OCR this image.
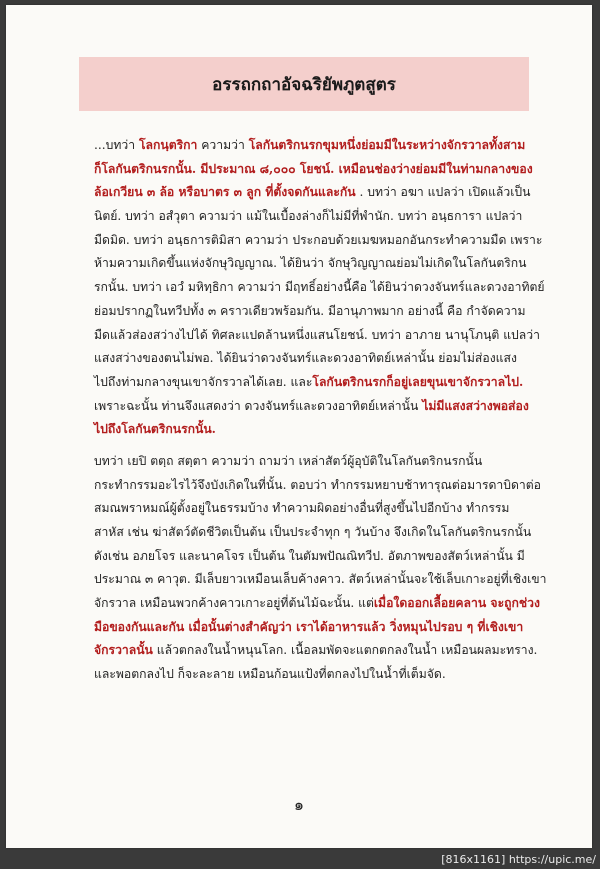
อรรถกถาอัจฉริยัพภูตสูตร
...บทว่า โลกนฺตริกา ความว่า โลกันตริกนรกขุมหนึ่งย่อมมีในระหว่างจักรวาลทั้งสาม
ก็โลกันตริกนรกนั้น. มีประมาณ ๘,๐๐๐ โยชน์. เหมือนช่องว่างย่อมมีในท่ามกลางของ
ล้อเกวียน ๓ ล้อ หรือบาตร ๓ ลูก ที่ตั้งจดกันและกัน . บทว่า อฆา แปลว่า เปิดแล้วเป็น
นิตย์. บทว่า อสํวุตา ความว่า แม้ในเบื้องล่างก็ไม่มีที่พำนัก. บทว่า อนฺธการา แปลว่า
มืดมิด. บทว่า อนฺธการติมิสา ความว่า ประกอบด้วยเมฆหมอกอันกระทำความมืด เพราะ
ห้ามความเกิดขึ้นแห่งจักษุวิญญาณ. ได้ยินว่า จักษุวิญญาณย่อมไม่เกิดในโลกันตริกน
รกนั้น. บทว่า เอวํ มหิทฺธิกา ความว่า มีฤทธิ์อย่างนี้คือ ได้ยินว่าดวงจันทร์และดวงอาทิตย์
ย่อมปรากฏในทวีปทั้ง ๓ คราวเดียวพร้อมกัน. มีอานุภาพมาก อย่างนี้ คือ กำจัดความ
มืดแล้วส่องสว่างไปได้ ทิศละแปดล้านหนึ่งแสนโยชน์. บทว่า อาภาย นานุโภนฺติ แปลว่า
แสงสว่างของตนไม่พอ. ได้ยินว่าดวงจันทร์และดวงอาทิตย์เหล่านั้น ย่อมไม่ส่องแสง
ไปถึงท่ามกลางขุนเขาจักรวาลได้เลย. และโลกันตริกนรกก็อยู่เลยขุนเขาจักรวาลไป.
เพราะฉะนั้น ท่านจึงแสดงว่า ดวงจันทร์และดวงอาทิตย์เหล่านั้น ไม่มีแสงสว่างพอส่อง
ไปถึงโลกันตริกนรกนั้น.
บทว่า เยปิ ตตฺถ สตฺตา ความว่า ถามว่า เหล่าสัตว์ผู้อุบัติในโลกันตริกนรกนั้น
กระทำกรรมอะไรไว้จึงบังเกิดในที่นั้น. ตอบว่า ทำกรรมหยาบช้าทารุณต่อมารดาบิดาต่อ
สมณพราหมณ์ผู้ตั้งอยู่ในธรรมบ้าง ทำความผิดอย่างอื่นที่สูงขึ้นไปอีกบ้าง ทำกรรม
สาหัส เช่น ฆ่าสัตว์ตัดชีวิตเป็นต้น เป็นประจำทุก ๆ วันบ้าง จึงเกิดในโลกันตริกนรกนั้น
ดังเช่น อภยโจร และนาคโจร เป็นต้น ในตัมพปัณณิทวีป. อัตภาพของสัตว์เหล่านั้น มี
ประมาณ ๓ คาวุต. มีเล็บยาวเหมือนเล็บค้างคาว. สัตว์เหล่านั้นจะใช้เล็บเกาะอยู่ที่เชิงเขา
จักรวาล เหมือนพวกค้างคาวเกาะอยู่ที่ต้นไม้ฉะนั้น. แต่เมื่อใดออกเลื้อยคลาน จะถูกช่วง
มือของกันและกัน เมื่อนั้นต่างสำคัญว่า เราได้อาหารแล้ว วิ่งหมุนไปรอบ ๆ ที่เชิงเขา
จักรวาลนั้น แล้วตกลงในน้ำหนุนโลก. เนื้อลมพัดจะแตกตกลงในน้ำ เหมือนผลมะทราง.
และพอตกลงไป ก็จะละลาย เหมือนก้อนแป้งที่ตกลงไปในน้ำที่เต็มจัด.
๑
[816x1161] https://upic.me/
